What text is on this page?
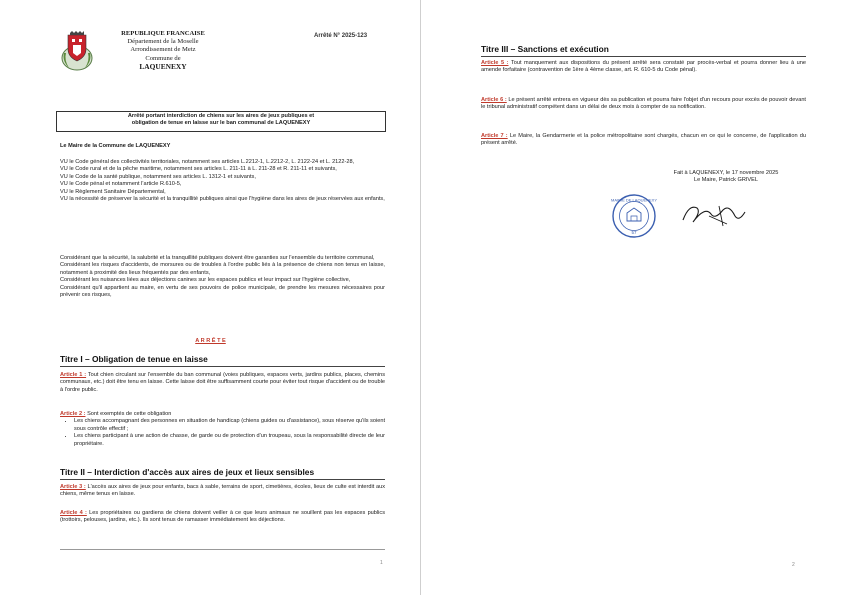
REPUBLIQUE FRANCAISE
Département de la Moselle
Arrondissement de Metz
Commune de
LAQUENEXY
Arrêté N° 2025-123
Arrêté portant interdiction de chiens sur les aires de jeux publiques et
obligation de tenue en laisse sur le ban communal de LAQUENEXY
Le Maire de la Commune de LAQUENEXY
VU le Code général des collectivités territoriales, notamment ses articles L.2212-1, L.2212-2, L. 2122-24 et L. 2122-28,
VU le Code rural et de la pêche maritime, notamment ses articles L. 211-11 à L. 211-28 et R. 211-11 et suivants,
VU le Code de la santé publique, notamment ses articles L. 1312-1 et suivants,
VU le Code pénal et notamment l'article R.610-5,
VU le Règlement Sanitaire Départemental,
VU la nécessité de préserver la sécurité et la tranquillité publiques ainsi que l'hygiène dans les aires de jeux réservées aux enfants,
Considérant que la sécurité, la salubrité et la tranquillité publiques doivent être garanties sur l'ensemble du territoire communal,
Considérant les risques d'accidents, de morsures ou de troubles à l'ordre public liés à la présence de chiens non tenus en laisse, notamment à proximité des lieux fréquentés par des enfants,
Considérant les nuisances liées aux déjections canines sur les espaces publics et leur impact sur l'hygiène collective,
Considérant qu'il appartient au maire, en vertu de ses pouvoirs de police municipale, de prendre les mesures nécessaires pour prévenir ces risques,
A R R Ê T E
Titre I – Obligation de tenue en laisse
Article 1 : Tout chien circulant sur l'ensemble du ban communal (voies publiques, espaces verts, jardins publics, places, chemins communaux, etc.) doit être tenu en laisse. Cette laisse doit être suffisamment courte pour éviter tout risque d'accident ou de trouble à l'ordre public.
Article 2 : Sont exemptés de cette obligation
• Les chiens accompagnant des personnes en situation de handicap (chiens guides ou d'assistance), sous réserve qu'ils soient sous contrôle effectif ;
• Les chiens participant à une action de chasse, de garde ou de protection d'un troupeau, sous la responsabilité directe de leur propriétaire.
Titre II – Interdiction d'accès aux aires de jeux et lieux sensibles
Article 3 : L'accès aux aires de jeux pour enfants, bacs à sable, terrains de sport, cimetières, écoles, lieux de culte est interdit aux chiens, même tenus en laisse.
Article 4 : Les propriétaires ou gardiens de chiens doivent veiller à ce que leurs animaux ne souillent pas les espaces publics (trottoirs, pelouses, jardins, etc.). Ils sont tenus de ramasser immédiatement les déjections.
1
Titre III – Sanctions et exécution
Article 5 : Tout manquement aux dispositions du présent arrêté sera constaté par procès-verbal et pourra donner lieu à une amende forfaitaire (contravention de 1ère à 4ème classe, art. R. 610-5 du Code pénal).
Article 6 : Le présent arrêté entrera en vigueur dès sa publication et pourra faire l'objet d'un recours pour excès de pouvoir devant le tribunal administratif compétent dans un délai de deux mois à compter de sa notification.
Article 7 : Le Maire, la Gendarmerie et la police métropolitaine sont chargés, chacun en ce qui le concerne, de l'application du présent arrêté.
Fait à LAQUENEXY, le 17 novembre 2025
Le Maire, Patrick GRIVEL
MAIRIE DE LAQUENEXY
57
2
